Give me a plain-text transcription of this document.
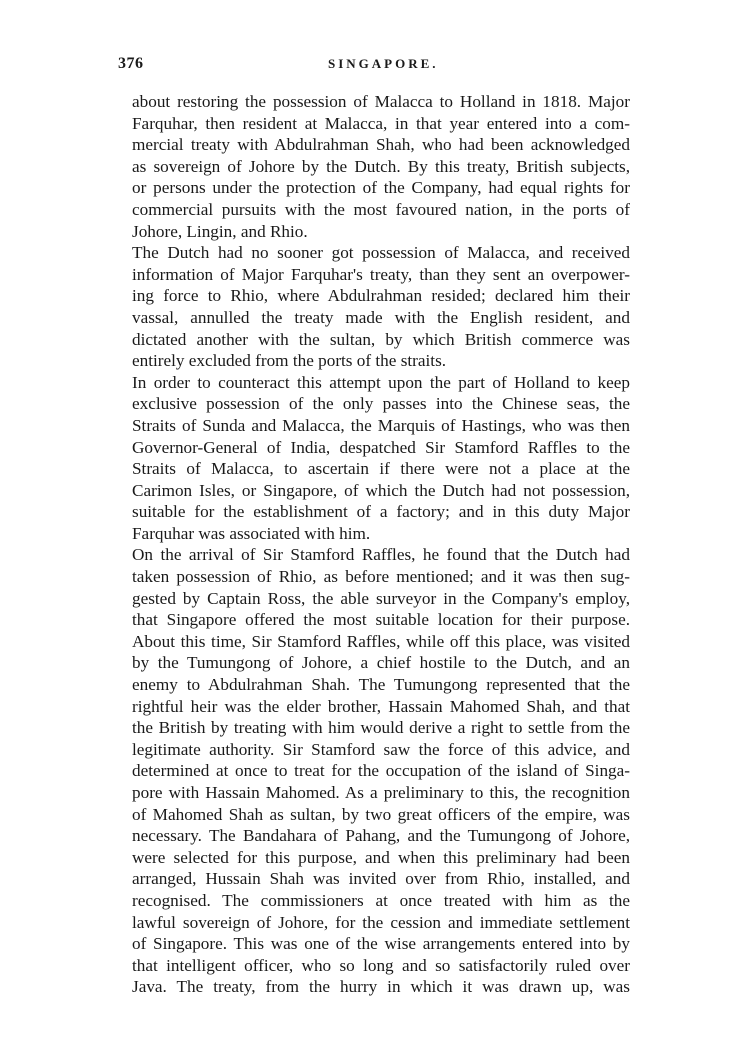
376	SINGAPORE.
about restoring the possession of Malacca to Holland in 1818. Major
Farquhar, then resident at Malacca, in that year entered into a com-
mercial treaty with Abdulrahman Shah, who had been acknowledged
as sovereign of Johore by the Dutch. By this treaty, British subjects,
or persons under the protection of the Company, had equal rights for
commercial pursuits with the most favoured nation, in the ports of
Johore, Lingin, and Rhio.
The Dutch had no sooner got possession of Malacca, and received
information of Major Farquhar's treaty, than they sent an overpower-
ing force to Rhio, where Abdulrahman resided; declared him their
vassal, annulled the treaty made with the English resident, and
dictated another with the sultan, by which British commerce was
entirely excluded from the ports of the straits.
In order to counteract this attempt upon the part of Holland to keep
exclusive possession of the only passes into the Chinese seas, the
Straits of Sunda and Malacca, the Marquis of Hastings, who was then
Governor-General of India, despatched Sir Stamford Raffles to the
Straits of Malacca, to ascertain if there were not a place at the
Carimon Isles, or Singapore, of which the Dutch had not possession,
suitable for the establishment of a factory; and in this duty Major
Farquhar was associated with him.
On the arrival of Sir Stamford Raffles, he found that the Dutch had
taken possession of Rhio, as before mentioned; and it was then sug-
gested by Captain Ross, the able surveyor in the Company's employ,
that Singapore offered the most suitable location for their purpose.
About this time, Sir Stamford Raffles, while off this place, was visited
by the Tumungong of Johore, a chief hostile to the Dutch, and an
enemy to Abdulrahman Shah. The Tumungong represented that the
rightful heir was the elder brother, Hassain Mahomed Shah, and that
the British by treating with him would derive a right to settle from the
legitimate authority. Sir Stamford saw the force of this advice, and
determined at once to treat for the occupation of the island of Singa-
pore with Hassain Mahomed. As a preliminary to this, the recognition
of Mahomed Shah as sultan, by two great officers of the empire, was
necessary. The Bandahara of Pahang, and the Tumungong of Johore,
were selected for this purpose, and when this preliminary had been
arranged, Hussain Shah was invited over from Rhio, installed, and
recognised. The commissioners at once treated with him as the
lawful sovereign of Johore, for the cession and immediate settlement
of Singapore. This was one of the wise arrangements entered into by
that intelligent officer, who so long and so satisfactorily ruled over
Java. The treaty, from the hurry in which it was drawn up, was
